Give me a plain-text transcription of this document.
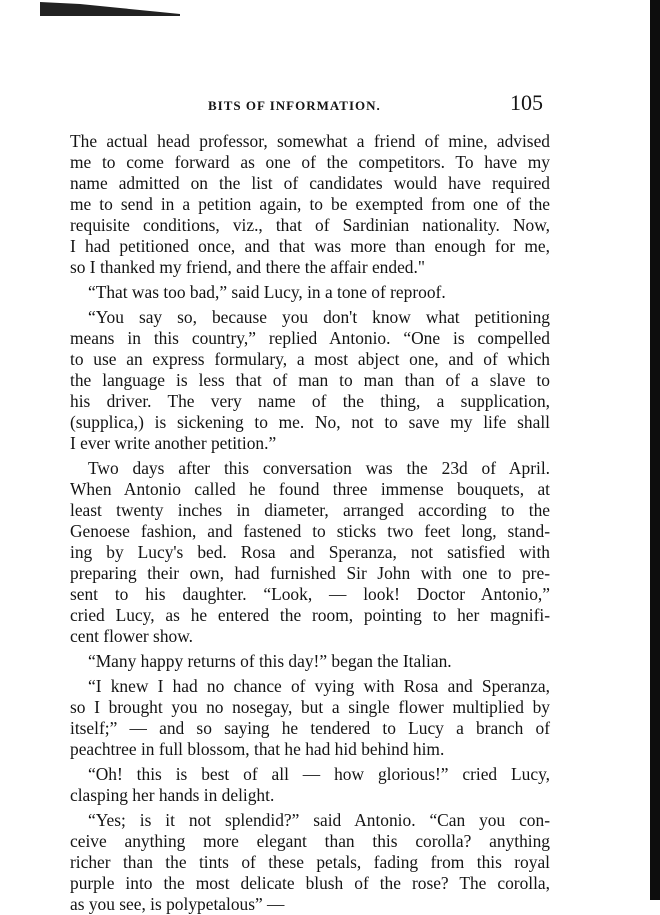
BITS OF INFORMATION.	105
The actual head professor, somewhat a friend of mine, advised
me to come forward as one of the competitors. To have my
name admitted on the list of candidates would have required
me to send in a petition again, to be exempted from one of the
requisite conditions, viz., that of Sardinian nationality. Now,
I had petitioned once, and that was more than enough for me,
so I thanked my friend, and there the affair ended."
“That was too bad,” said Lucy, in a tone of reproof.
“You say so, because you don't know what petitioning
means in this country,” replied Antonio. “One is compelled
to use an express formulary, a most abject one, and of which
the language is less that of man to man than of a slave to
his driver. The very name of the thing, a supplication,
(supplica,) is sickening to me. No, not to save my life shall
I ever write another petition.”
Two days after this conversation was the 23d of April.
When Antonio called he found three immense bouquets, at
least twenty inches in diameter, arranged according to the
Genoese fashion, and fastened to sticks two feet long, stand-
ing by Lucy's bed. Rosa and Speranza, not satisfied with
preparing their own, had furnished Sir John with one to pre-
sent to his daughter. “Look, — look! Doctor Antonio,”
cried Lucy, as he entered the room, pointing to her magnifi-
cent flower show.
“Many happy returns of this day!” began the Italian.
“I knew I had no chance of vying with Rosa and Speranza,
so I brought you no nosegay, but a single flower multiplied by
itself;” — and so saying he tendered to Lucy a branch of
peachtree in full blossom, that he had hid behind him.
“Oh! this is best of all — how glorious!” cried Lucy,
clasping her hands in delight.
“Yes; is it not splendid?” said Antonio. “Can you con-
ceive anything more elegant than this corolla? anything
richer than the tints of these petals, fading from this royal
purple into the most delicate blush of the rose? The corolla,
as you see, is polypetalous” —
